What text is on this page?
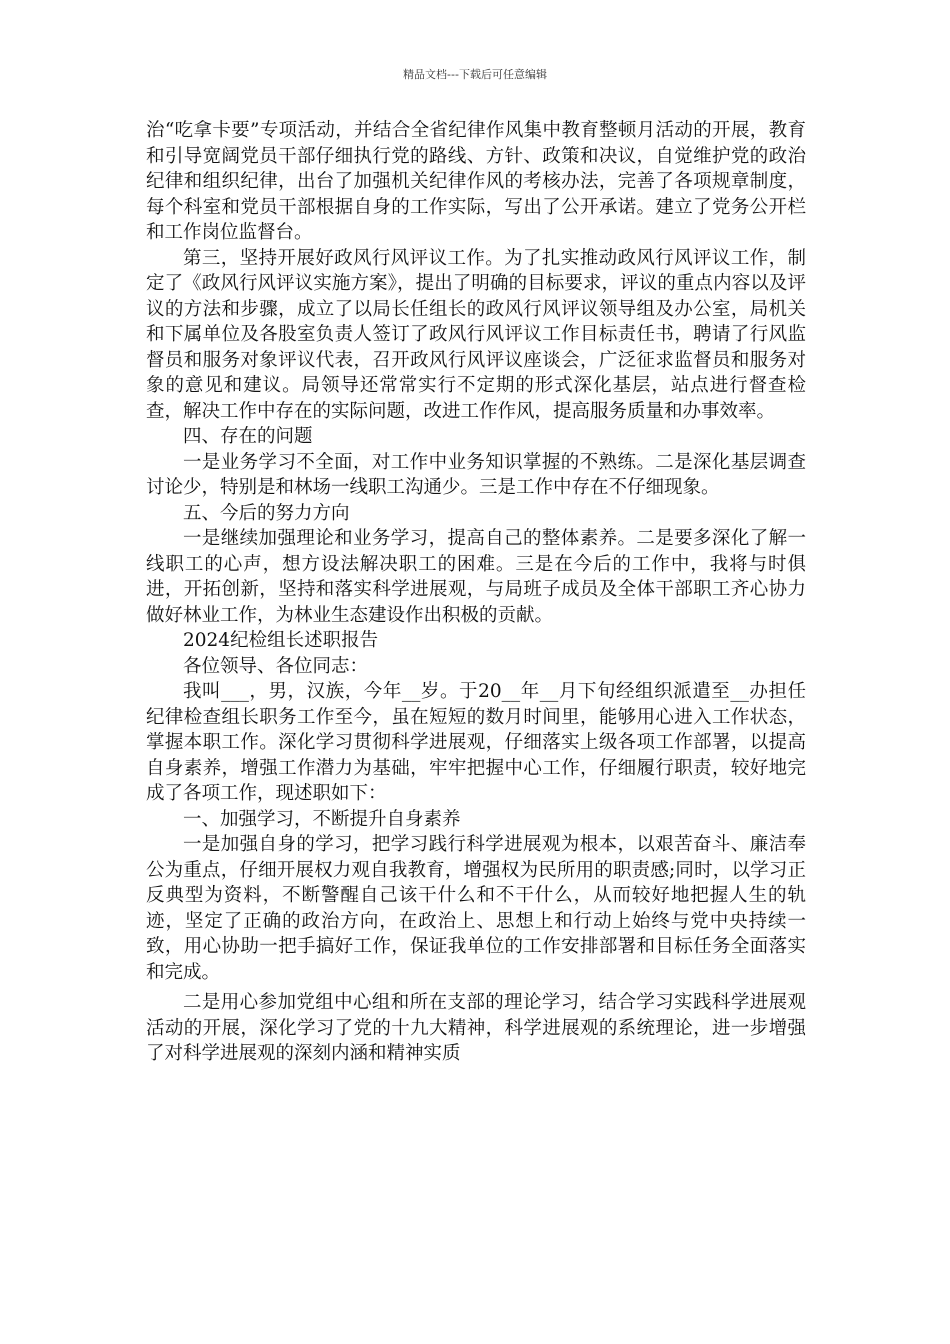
精品文档---下载后可任意编辑

治“吃拿卡要”专项活动，并结合全省纪律作风集中教育整顿月活动的开展，教育和引导宽阔党员干部仔细执行党的路线、方针、政策和决议，自觉维护党的政治纪律和组织纪律，出台了加强机关纪律作风的考核办法，完善了各项规章制度，每个科室和党员干部根据自身的工作实际，写出了公开承诺。建立了党务公开栏和工作岗位监督台。

第三，坚持开展好政风行风评议工作。为了扎实推动政风行风评议工作，制定了《政风行风评议实施方案》，提出了明确的目标要求，评议的重点内容以及评议的方法和步骤，成立了以局长任组长的政风行风评议领导组及办公室，局机关和下属单位及各股室负责人签订了政风行风评议工作目标责任书，聘请了行风监督员和服务对象评议代表，召开政风行风评议座谈会，广泛征求监督员和服务对象的意见和建议。局领导还常常实行不定期的形式深化基层，站点进行督查检查，解决工作中存在的实际问题，改进工作作风，提高服务质量和办事效率。

四、存在的问题

一是业务学习不全面，对工作中业务知识掌握的不熟练。二是深化基层调查讨论少，特别是和林场一线职工沟通少。三是工作中存在不仔细现象。

五、今后的努力方向

一是继续加强理论和业务学习，提高自己的整体素养。二是要多深化了解一线职工的心声，想方设法解决职工的困难。三是在今后的工作中，我将与时俱进，开拓创新，坚持和落实科学进展观，与局班子成员及全体干部职工齐心协力做好林业工作，为林业生态建设作出积极的贡献。

2024纪检组长述职报告

各位领导、各位同志：

我叫___，男，汉族，今年__岁。于20__年__月下旬经组织派遣至__办担任纪律检查组长职务工作至今，虽在短短的数月时间里，能够用心进入工作状态，掌握本职工作。深化学习贯彻科学进展观，仔细落实上级各项工作部署，以提高自身素养，增强工作潜力为基础，牢牢把握中心工作，仔细履行职责，较好地完成了各项工作，现述职如下：

一、加强学习，不断提升自身素养

一是加强自身的学习，把学习践行科学进展观为根本，以艰苦奋斗、廉洁奉公为重点，仔细开展权力观自我教育，增强权为民所用的职责感;同时，以学习正反典型为资料，不断警醒自己该干什么和不干什么，从而较好地把握人生的轨迹，坚定了正确的政治方向，在政治上、思想上和行动上始终与党中央持续一致，用心协助一把手搞好工作，保证我单位的工作安排部署和目标任务全面落实和完成。

二是用心参加党组中心组和所在支部的理论学习，结合学习实践科学进展观活动的开展，深化学习了党的十九大精神，科学进展观的系统理论，进一步增强了对科学进展观的深刻内涵和精神实质
